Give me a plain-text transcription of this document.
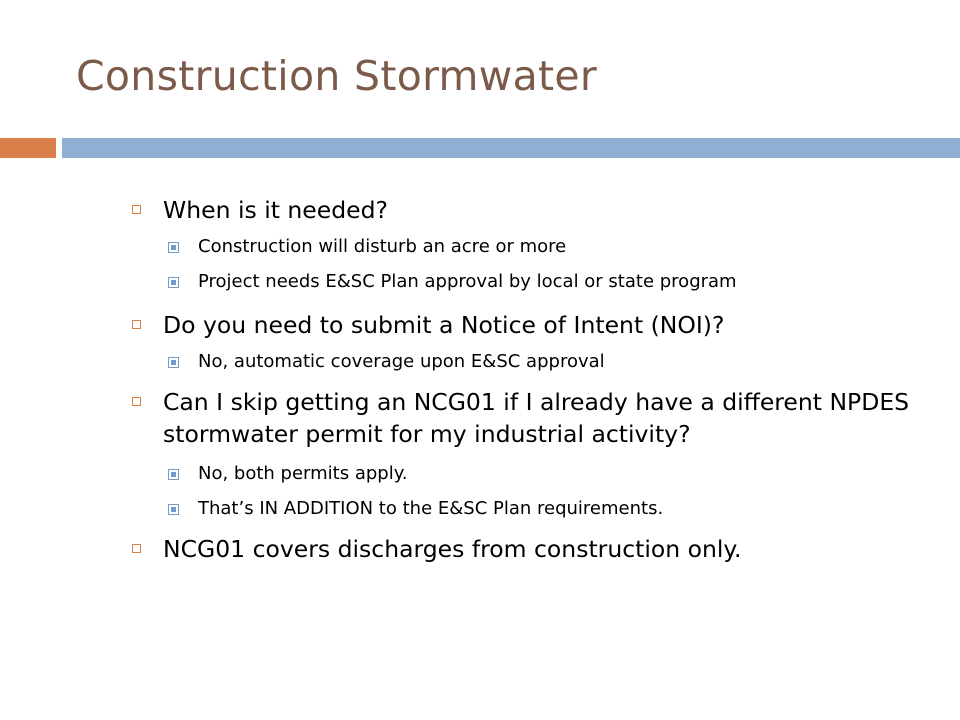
Construction Stormwater
When is it needed?
Construction will disturb an acre or more
Project needs E&SC Plan approval by local or state program
Do you need to submit a Notice of Intent (NOI)?
No, automatic coverage upon E&SC approval
Can I skip getting an NCG01 if I already have a different NPDES stormwater permit for my industrial activity?
No, both permits apply.
That’s IN ADDITION to the E&SC Plan requirements.
NCG01 covers discharges from construction only.
